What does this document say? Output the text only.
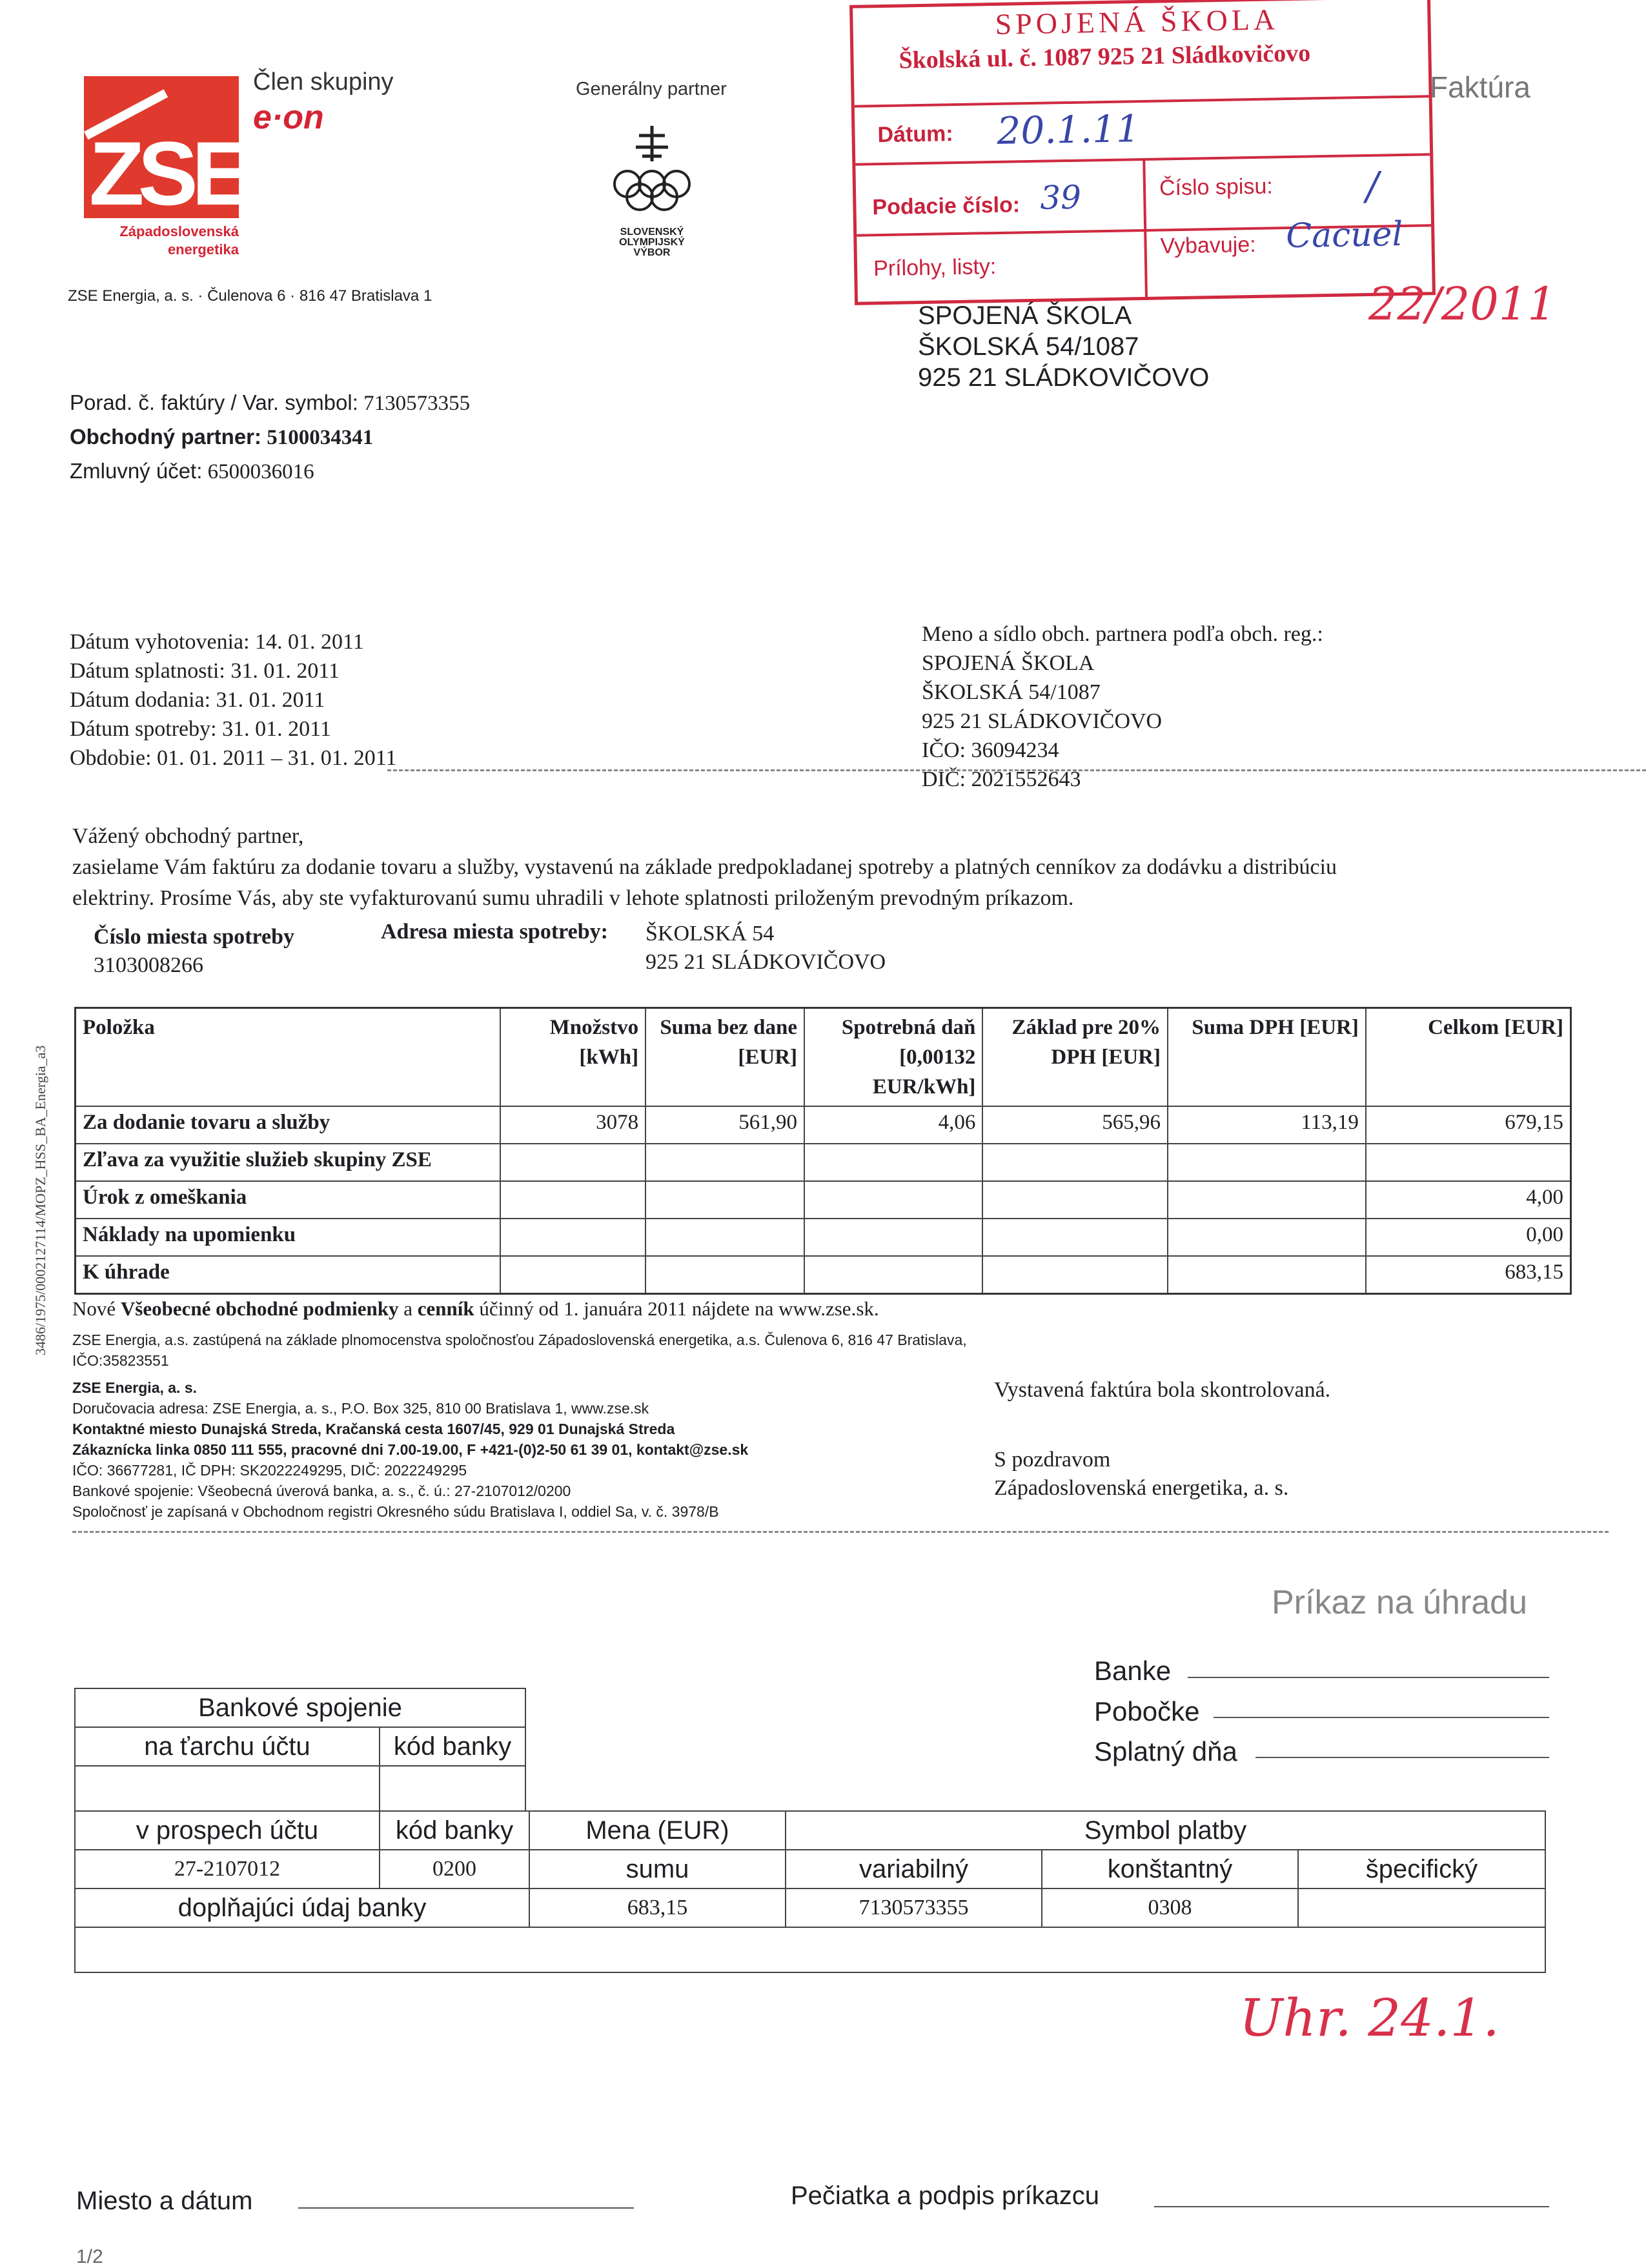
ZSE
Západoslovenská energetika
Člen skupiny
e·on
Generálny partner
SLOVENSKÝ OLYMPIJSKÝ VÝBOR
ZSE Energia, a. s. · Čulenova 6 · 816 47 Bratislava 1
Faktúra
SPOJENÁ ŠKOLA
Školská ul. č. 1087 925 21 Sládkovičovo
Dátum: 20.1.11
Podacie číslo: 39	Číslo spisu: /
Prílohy, listy:
Vybavuje: Cacuel
22/2011
SPOJENÁ ŠKOLA
ŠKOLSKÁ 54/1087
925 21 SLÁDKOVIČOVO
Porad. č. faktúry / Var. symbol: 7130573355
Obchodný partner: 5100034341
Zmluvný účet: 6500036016
Dátum vyhotovenia: 14. 01. 2011
Dátum splatnosti: 31. 01. 2011
Dátum dodania: 31. 01. 2011
Dátum spotreby: 31. 01. 2011
Obdobie: 01. 01. 2011 – 31. 01. 2011
Meno a sídlo obch. partnera podľa obch. reg.:
SPOJENÁ ŠKOLA
ŠKOLSKÁ 54/1087
925 21 SLÁDKOVIČOVO
IČO: 36094234
DIČ: 2021552643
Vážený obchodný partner,
zasielame Vám faktúru za dodanie tovaru a služby, vystavenú na základe predpokladanej spotreby a platných cenníkov za dodávku a distribúciu
elektriny. Prosíme Vás, aby ste vyfakturovanú sumu uhradili v lehote splatnosti priloženým prevodným príkazom.
Číslo miesta spotreby
3103008266
Adresa miesta spotreby: ŠKOLSKÁ 54
925 21 SLÁDKOVIČOVO
3486/1975/0002127114/MOPZ_HSS_BA_Energia_a3
Položka	Množstvo [kWh]	Suma bez dane [EUR]	Spotrebná daň [0,00132 EUR/kWh]	Základ pre 20% DPH [EUR]	Suma DPH [EUR]	Celkom [EUR]
Za dodanie tovaru a služby	3078	561,90	4,06	565,96	113,19	679,15
Zľava za využitie služieb skupiny ZSE						
Úrok z omeškania						4,00
Náklady na upomienku						0,00
K úhrade						683,15
Nové Všeobecné obchodné podmienky a cenník účinný od 1. januára 2011 nájdete na www.zse.sk.
ZSE Energia, a.s. zastúpená na základe plnomocenstva spoločnosťou Západoslovenská energetika, a.s. Čulenova 6, 816 47 Bratislava, IČO:35823551
ZSE Energia, a. s.
Doručovacia adresa: ZSE Energia, a. s., P.O. Box 325, 810 00 Bratislava 1, www.zse.sk
Kontaktné miesto Dunajská Streda, Kračanská cesta 1607/45, 929 01 Dunajská Streda
Zákaznícka linka 0850 111 555, pracovné dni 7.00-19.00, F +421-(0)2-50 61 39 01, kontakt@zse.sk
IČO: 36677281, IČ DPH: SK2022249295, DIČ: 2022249295
Bankové spojenie: Všeobecná úverová banka, a. s., č. ú.: 27-2107012/0200
Spoločnosť je zapísaná v Obchodnom registri Okresného súdu Bratislava I, oddiel Sa, v. č. 3978/B
Vystavená faktúra bola skontrolovaná.
S pozdravom
Západoslovenská energetika, a. s.
Príkaz na úhradu
Banke
Pobočke
Splatný dňa
Bankové spojenie	
na ťarchu účtu	kód banky

v prospech účtu	kód banky	Mena (EUR)	Symbol platby		
27-2107012	0200	sumu	variabilný	konštantný	špecifický
doplňajúci údaj banky		683,15	7130573355	0308	

Uhr. 24.1.
Miesto a dátum	Pečiatka a podpis príkazcu
1/2
